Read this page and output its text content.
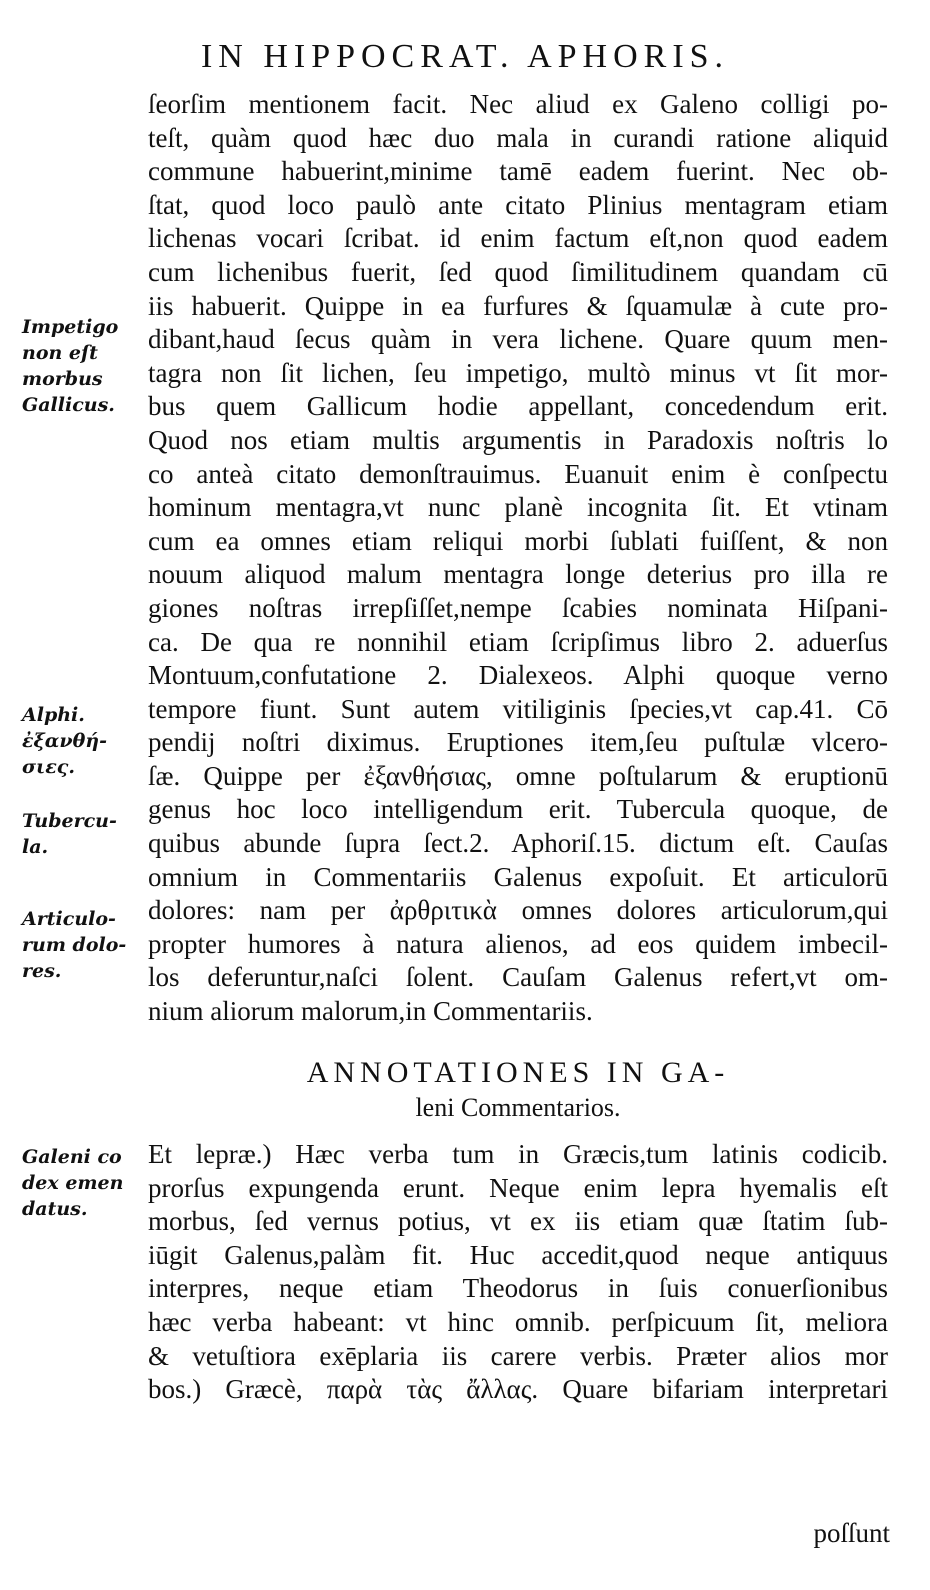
IN HIPPOCRAT. APHORIS.
ſeorſim mentionem facit. Nec aliud ex Galeno colligi po-
teſt, quàm quod hæc duo mala in curandi ratione aliquid
commune habuerint,minime tamē eadem fuerint. Nec ob-
ſtat, quod loco paulò ante citato Plinius mentagram etiam
lichenas vocari ſcribat. id enim factum eſt,non quod eadem
cum lichenibus fuerit, ſed quod ſimilitudinem quandam cū
iis habuerit. Quippe in ea furfures & ſquamulæ à cute pro-
dibant,haud ſecus quàm in vera lichene. Quare quum men-
tagra non ſit lichen, ſeu impetigo, multò minus vt ſit mor-
bus quem Gallicum hodie appellant, concedendum erit.
Quod nos etiam multis argumentis in Paradoxis noſtris lo
co anteà citato demonſtrauimus. Euanuit enim è conſpectu
hominum mentagra,vt nunc planè incognita ſit. Et vtinam
cum ea omnes etiam reliqui morbi ſublati fuiſſent, & non
nouum aliquod malum mentagra longe deterius pro illa re
giones noſtras irrepſiſſet,nempe ſcabies nominata Hiſpani-
ca. De qua re nonnihil etiam ſcripſimus libro 2. aduerſus
Montuum,confutatione 2. Dialexeos. Alphi quoque verno
tempore fiunt. Sunt autem vitiliginis ſpecies,vt cap.41. Cō
pendij noſtri diximus. Eruptiones item,ſeu puſtulæ vlcero-
ſæ. Quippe per ἐξανθήσιας, omne poſtularum & eruptionū
genus hoc loco intelligendum erit. Tubercula quoque, de
quibus abunde ſupra ſect.2. Aphoriſ.15. dictum eſt. Cauſas
omnium in Commentariis Galenus expoſuit. Et articulorū
dolores: nam per ἀρθριτικὰ omnes dolores articulorum,qui
propter humores à natura alienos, ad eos quidem imbecil-
los deferuntur,naſci ſolent. Cauſam Galenus refert,vt om-
nium aliorum malorum,in Commentariis.
ANNOTATIONES IN GA-
leni Commentarios.
Et lepræ.) Hæc verba tum in Græcis,tum latinis codicib.
prorſus expungenda erunt. Neque enim lepra hyemalis eſt
morbus, ſed vernus potius, vt ex iis etiam quæ ſtatim ſub-
iūgit Galenus,palàm fit. Huc accedit,quod neque antiquus
interpres, neque etiam Theodorus in ſuis conuerſionibus
hæc verba habeant: vt hinc omnib. perſpicuum ſit, meliora
& vetuſtiora exēplaria iis carere verbis. Præter alios mor
bos.) Græcè, παρὰ τὰς ἄλλας. Quare bifariam interpretari
poſſunt
Impetigo
non eſt
morbus
Gallicus.
Alphi.
ἐξανθή-
σιες.
Tubercu-
la.
Articulo-
rum dolo-
res.
Galeni co
dex emen
datus.
